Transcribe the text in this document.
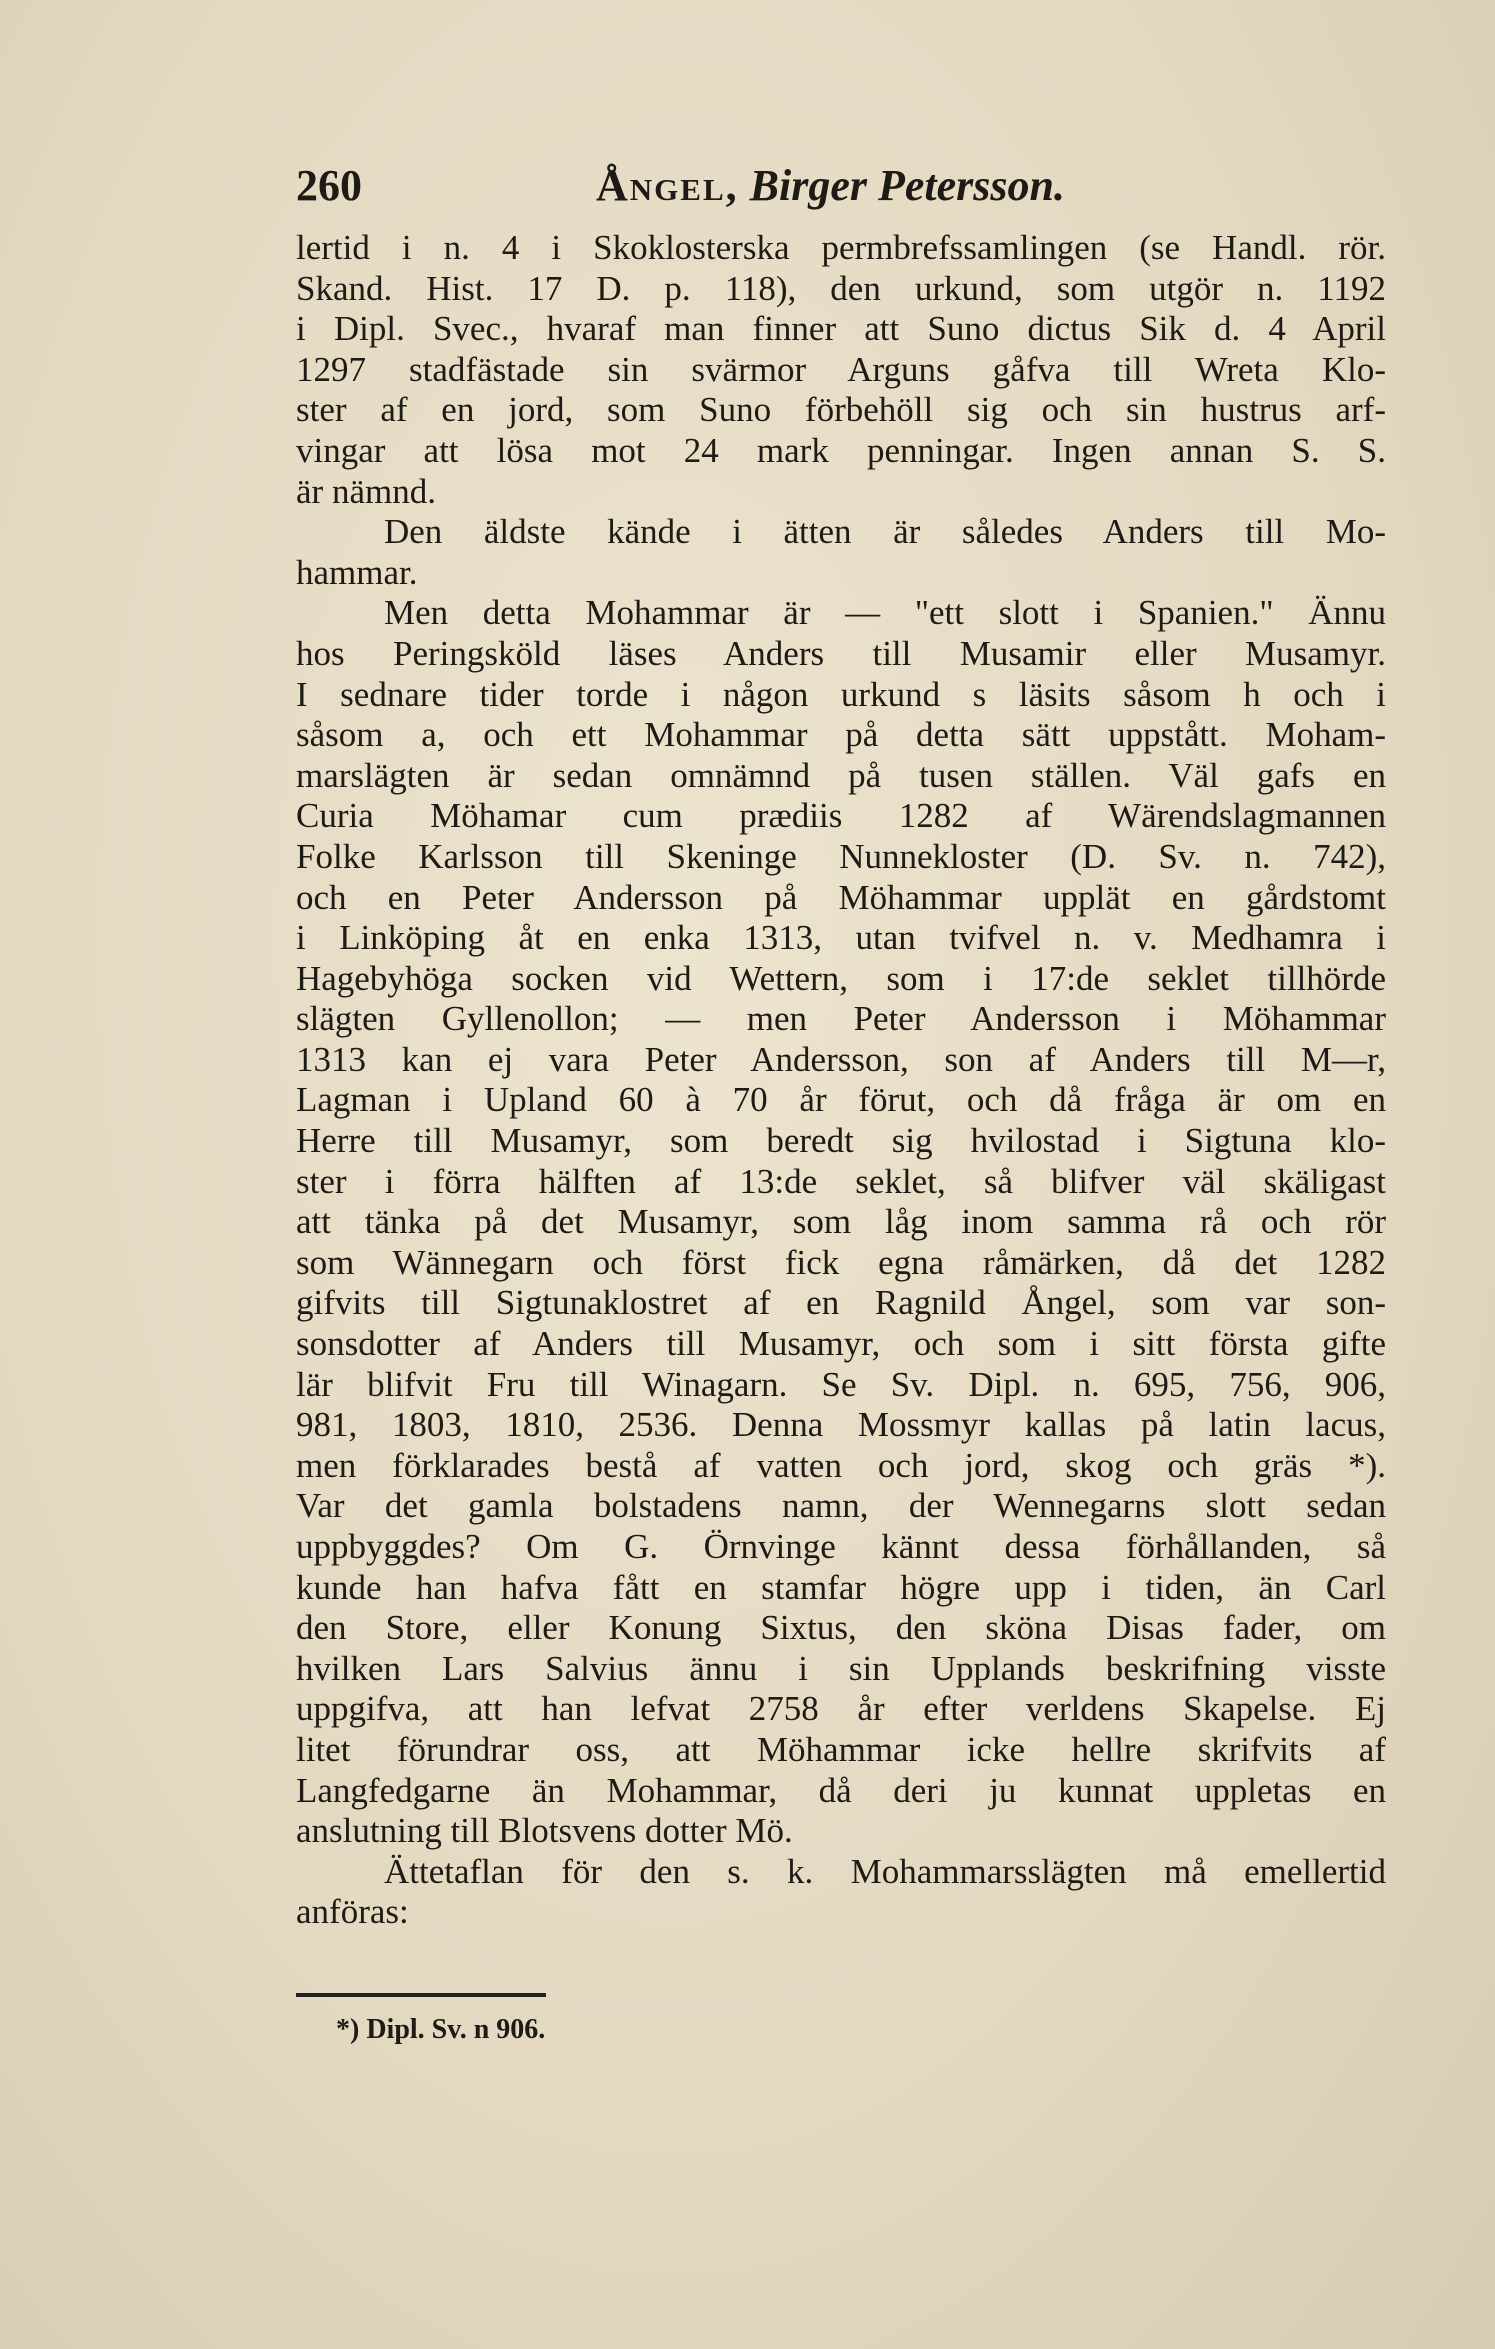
260	Ångel, Birger Petersson.
lertid i n. 4 i Skoklosterska permbrefssamlingen (se Handl. rör.
Skand. Hist. 17 D. p. 118), den urkund, som utgör n. 1192
i Dipl. Svec., hvaraf man finner att Suno dictus Sik d. 4 April
1297 stadfästade sin svärmor Arguns gåfva till Wreta Klo-
ster af en jord, som Suno förbehöll sig och sin hustrus arf-
vingar att lösa mot 24 mark penningar. Ingen annan S. S.
är nämnd.
Den äldste kände i ätten är således Anders till Mo-
hammar.
Men detta Mohammar är — "ett slott i Spanien." Ännu
hos Peringsköld läses Anders till Musamir eller Musamyr.
I sednare tider torde i någon urkund s läsits såsom h och i
såsom a, och ett Mohammar på detta sätt uppstått. Moham-
marslägten är sedan omnämnd på tusen ställen. Väl gafs en
Curia Möhamar cum prædiis 1282 af Wärendslagmannen
Folke Karlsson till Skeninge Nunnekloster (D. Sv. n. 742),
och en Peter Andersson på Möhammar upplät en gårdstomt
i Linköping åt en enka 1313, utan tvifvel n. v. Medhamra i
Hagebyhöga socken vid Wettern, som i 17:de seklet tillhörde
slägten Gyllenollon; — men Peter Andersson i Möhammar
1313 kan ej vara Peter Andersson, son af Anders till M—r,
Lagman i Upland 60 à 70 år förut, och då fråga är om en
Herre till Musamyr, som beredt sig hvilostad i Sigtuna klo-
ster i förra hälften af 13:de seklet, så blifver väl skäligast
att tänka på det Musamyr, som låg inom samma rå och rör
som Wännegarn och först fick egna råmärken, då det 1282
gifvits till Sigtunaklostret af en Ragnild Ångel, som var son-
sonsdotter af Anders till Musamyr, och som i sitt första gifte
lär blifvit Fru till Winagarn. Se Sv. Dipl. n. 695, 756, 906,
981, 1803, 1810, 2536. Denna Mossmyr kallas på latin lacus,
men förklarades bestå af vatten och jord, skog och gräs *).
Var det gamla bolstadens namn, der Wennegarns slott sedan
uppbyggdes? Om G. Örnvinge kännt dessa förhållanden, så
kunde han hafva fått en stamfar högre upp i tiden, än Carl
den Store, eller Konung Sixtus, den sköna Disas fader, om
hvilken Lars Salvius ännu i sin Upplands beskrifning visste
uppgifva, att han lefvat 2758 år efter verldens Skapelse. Ej
litet förundrar oss, att Möhammar icke hellre skrifvits af
Langfedgarne än Mohammar, då deri ju kunnat uppletas en
anslutning till Blotsvens dotter Mö.
Ättetaflan för den s. k. Mohammarsslägten må emellertid
anföras:
*) Dipl. Sv. n 906.
